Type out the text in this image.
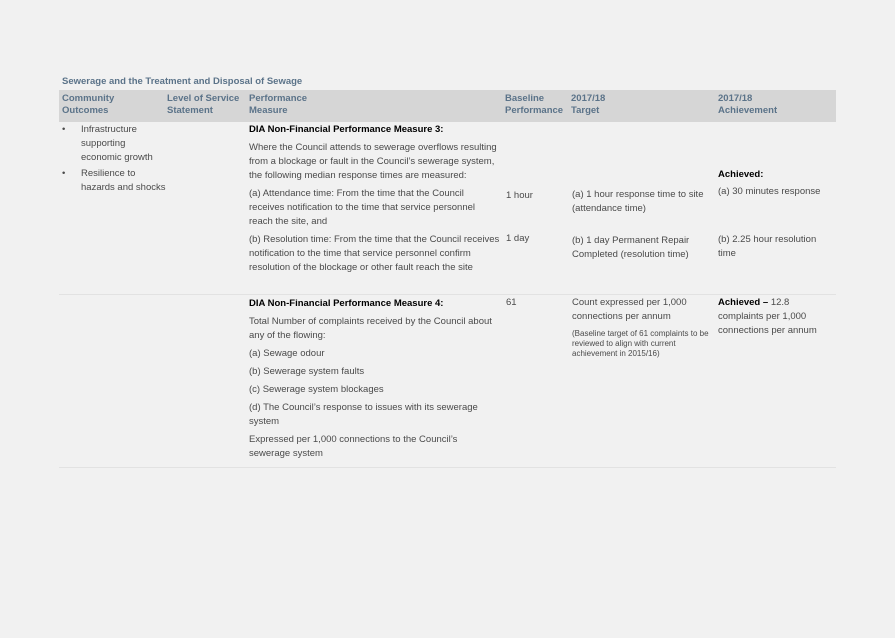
Sewerage and the Treatment and Disposal of Sewage
Community
Outcomes
Level of Service
Statement
Performance
Measure
Baseline
Performance
2017/18
Target
2017/18
Achievement
• Infrastructure supporting economic growth
• Resilience to hazards and shocks
DIA Non-Financial Performance Measure 3:
Where the Council attends to sewerage overflows resulting from a blockage or fault in the Council’s sewerage system, the following median response times are measured:
(a) Attendance time: From the time that the Council receives notification to the time that service personnel reach the site, and
(b) Resolution time: From the time that the Council receives notification to the time that service personnel confirm resolution of the blockage or other fault reach the site
1 hour
1 day
(a) 1 hour response time to site (attendance time)
(b) 1 day Permanent Repair Completed (resolution time)
Achieved:
(a) 30 minutes response
(b) 2.25 hour resolution time
DIA Non-Financial Performance Measure 4:
Total Number of complaints received by the Council about any of the flowing:
(a) Sewage odour
(b) Sewerage system faults
(c) Sewerage system blockages
(d) The Council’s response to issues with its sewerage system
Expressed per 1,000 connections to the Council’s sewerage system
61	Count expressed per 1,000 connections per annum
(Baseline target of 61 complaints to be reviewed to align with current achievement in 2015/16)
Achieved – 12.8 complaints per 1,000 connections per annum
